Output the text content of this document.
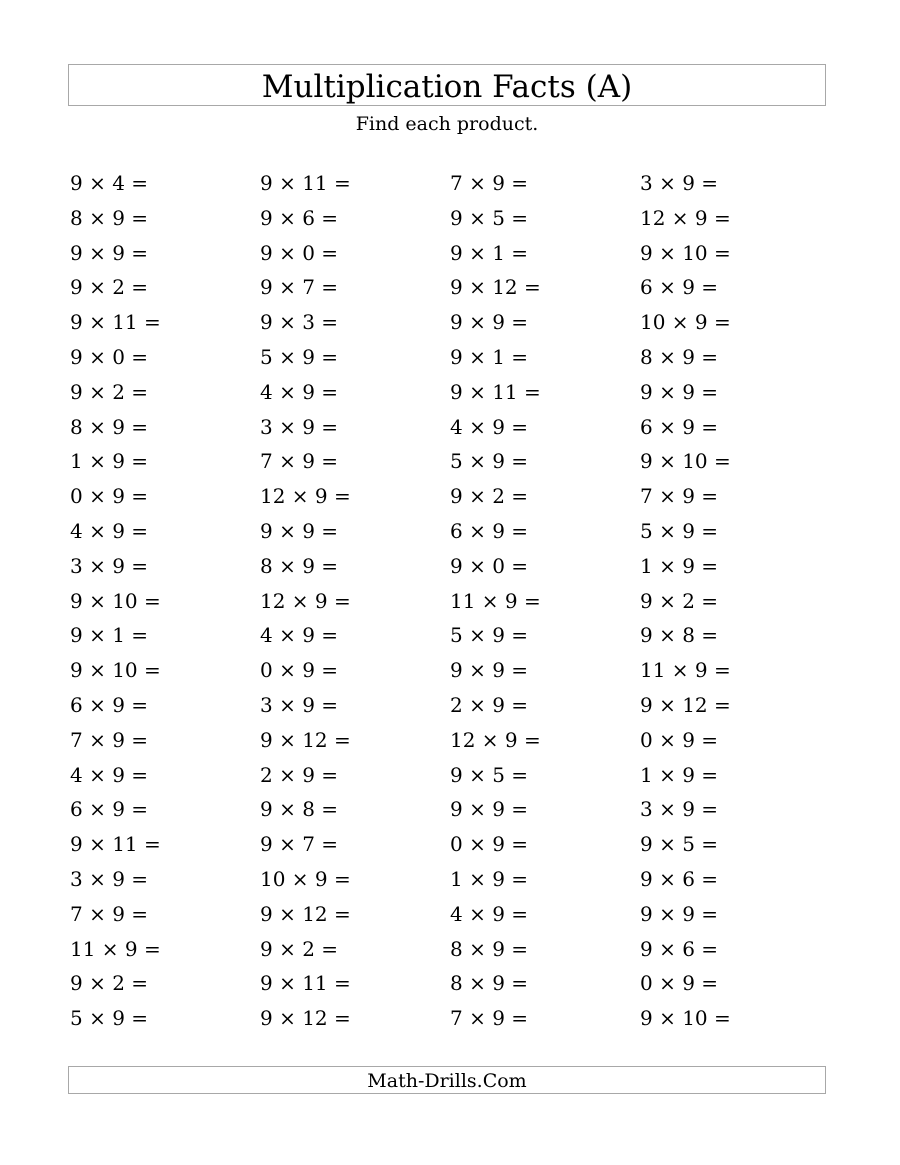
Multiplication Facts (A)
Find each product.
9 × 4 =	9 × 11 =	7 × 9 =	3 × 9 =
8 × 9 =	9 × 6 =	9 × 5 =	12 × 9 =
9 × 9 =	9 × 0 =	9 × 1 =	9 × 10 =
9 × 2 =	9 × 7 =	9 × 12 =	6 × 9 =
9 × 11 =	9 × 3 =	9 × 9 =	10 × 9 =
9 × 0 =	5 × 9 =	9 × 1 =	8 × 9 =
9 × 2 =	4 × 9 =	9 × 11 =	9 × 9 =
8 × 9 =	3 × 9 =	4 × 9 =	6 × 9 =
1 × 9 =	7 × 9 =	5 × 9 =	9 × 10 =
0 × 9 =	12 × 9 =	9 × 2 =	7 × 9 =
4 × 9 =	9 × 9 =	6 × 9 =	5 × 9 =
3 × 9 =	8 × 9 =	9 × 0 =	1 × 9 =
9 × 10 =	12 × 9 =	11 × 9 =	9 × 2 =
9 × 1 =	4 × 9 =	5 × 9 =	9 × 8 =
9 × 10 =	0 × 9 =	9 × 9 =	11 × 9 =
6 × 9 =	3 × 9 =	2 × 9 =	9 × 12 =
7 × 9 =	9 × 12 =	12 × 9 =	0 × 9 =
4 × 9 =	2 × 9 =	9 × 5 =	1 × 9 =
6 × 9 =	9 × 8 =	9 × 9 =	3 × 9 =
9 × 11 =	9 × 7 =	0 × 9 =	9 × 5 =
3 × 9 =	10 × 9 =	1 × 9 =	9 × 6 =
7 × 9 =	9 × 12 =	4 × 9 =	9 × 9 =
11 × 9 =	9 × 2 =	8 × 9 =	9 × 6 =
9 × 2 =	9 × 11 =	8 × 9 =	0 × 9 =
5 × 9 =	9 × 12 =	7 × 9 =	9 × 10 =
Math-Drills.Com
